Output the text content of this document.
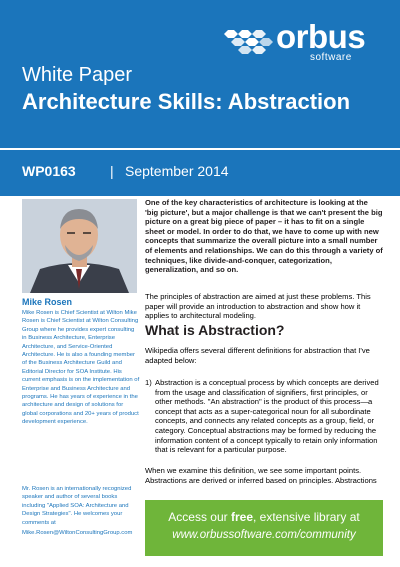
orbus
software
White Paper
Architecture Skills: Abstraction
WP0163 | September 2014
Mike Rosen

Mike Rosen is Chief Scientist at Wilton Mike Rosen is Chief Scientist at Wilton Consulting Group where he provides expert consulting in Business Architecture, Enterprise Architecture, and Service-Oriented Architecture. He is also a founding member of the Business Architecture Guild and Editorial Director for SOA Institute. His current emphasis is on the implementation of Enterprise and Business Architecture and programs. He has years of experience in the architecture and design of solutions for global corporations and 20+ years of product development experience.

Mr. Rosen is an internationally recognized speaker and author of several books including "Applied SOA: Architecture and Design Strategies". He welcomes your comments at

Mike.Rosen@WiltonConsultingGroup.com

One of the key characteristics of architecture is looking at the 'big picture', but a major challenge is that we can't present the big picture on a great big piece of paper – it has to fit on a single sheet or model. In order to do that, we have to come up with new concepts that summarize the overall picture into a small number of elements and relationships. We can do this through a variety of techniques, like divide-and-conquer, categorization, generalization, and so on.

The principles of abstraction are aimed at just these problems. This paper will provide an introduction to abstraction and show how it applies to architectural modeling.

What is Abstraction?

Wikipedia offers several different definitions for abstraction that I've adapted below:

1) Abstraction is a conceptual process by which concepts are derived from the usage and classification of signifiers, first principles, or other methods. "An abstraction" is the product of this process—a concept that acts as a super-categorical noun for all subordinate concepts, and connects any related concepts as a group, field, or category. Conceptual abstractions may be formed by reducing the information content of a concept typically to retain only information that is relevant for a particular purpose.

When we examine this definition, we see some important points. Abstractions are derived or inferred based on principles. Abstractions

Access our free, extensive library at
www.orbussoftware.com/community
